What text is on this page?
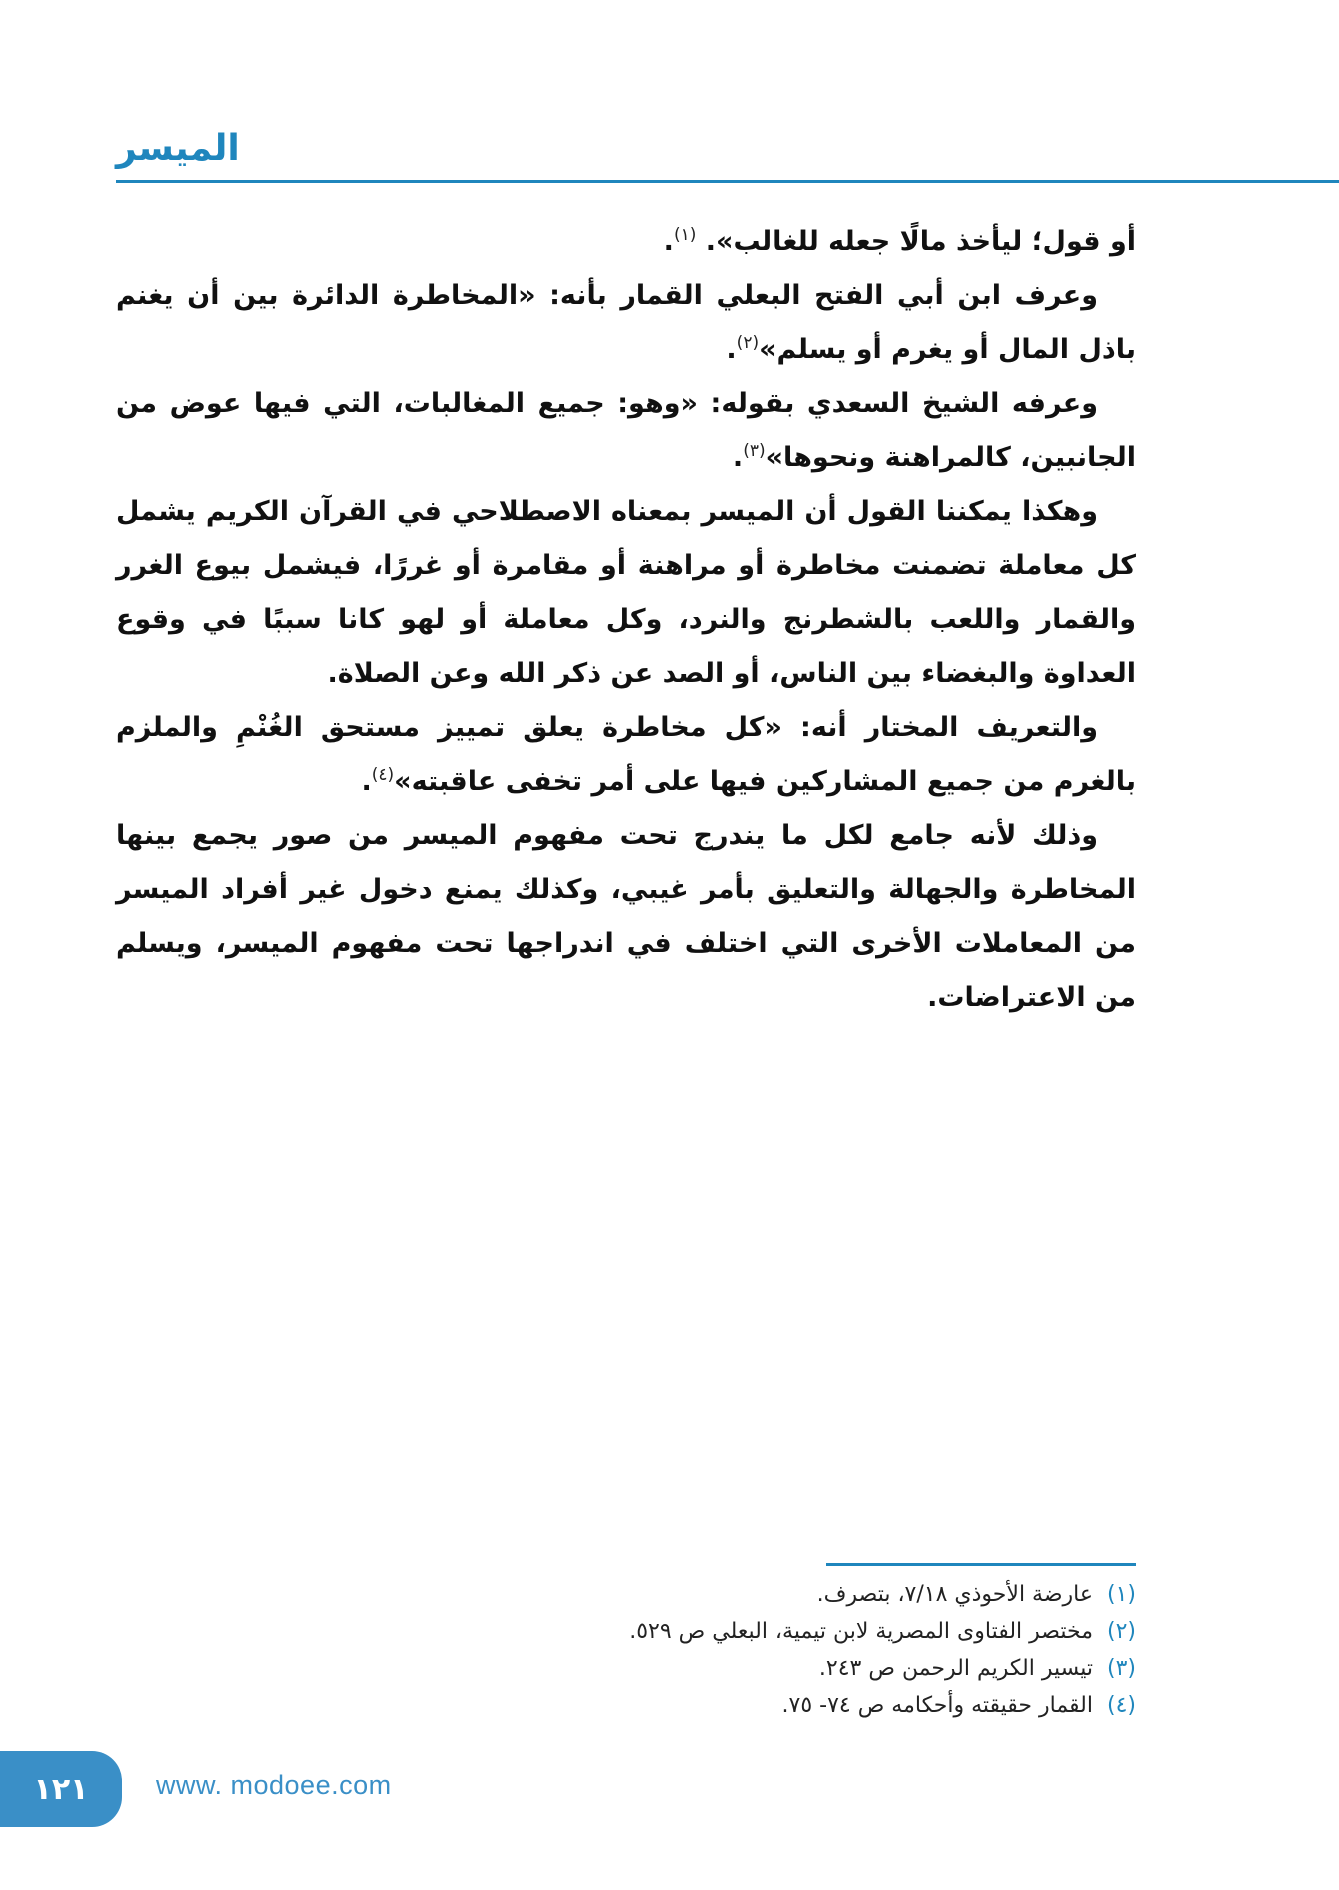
الميسر

أو قول؛ ليأخذ مالًا جعله للغالب». $^{(١)}$.

وعرف ابن أبي الفتح البعلي القمار بأنه: «المخاطرة الدائرة بين أن يغنم باذل المال أو يغرم أو يسلم»$^{(٢)}$.

وعرفه الشيخ السعدي بقوله: «وهو: جميع المغالبات، التي فيها عوض من الجانبين، كالمراهنة ونحوها»$^{(٣)}$.

وهكذا يمكننا القول أن الميسر بمعناه الاصطلاحي في القرآن الكريم يشمل كل معاملة تضمنت مخاطرة أو مراهنة أو مقامرة أو غررًا، فيشمل بيوع الغرر والقمار واللعب بالشطرنج والنرد، وكل معاملة أو لهو كانا سببًا في وقوع العداوة والبغضاء بين الناس، أو الصد عن ذكر الله وعن الصلاة.

والتعريف المختار أنه: «كل مخاطرة يعلق تمييز مستحق الغُنْمِ والملزم بالغرم من جميع المشاركين فيها على أمر تخفى عاقبته»$^{(٤)}$.

وذلك لأنه جامع لكل ما يندرج تحت مفهوم الميسر من صور يجمع بينها المخاطرة والجهالة والتعليق بأمر غيبي، وكذلك يمنع دخول غير أفراد الميسر من المعاملات الأخرى التي اختلف في اندراجها تحت مفهوم الميسر، ويسلم من الاعتراضات.

(١)
عارضة الأحوذي ٧/١٨، بتصرف.
(٢)
مختصر الفتاوى المصرية لابن تيمية، البعلي ص ٥٢٩.
(٣)
تيسير الكريم الرحمن ص ٢٤٣.
(٤)
القمار حقيقته وأحكامه ص ٧٤- ٧٥.
١٢١	www. modoee.com
